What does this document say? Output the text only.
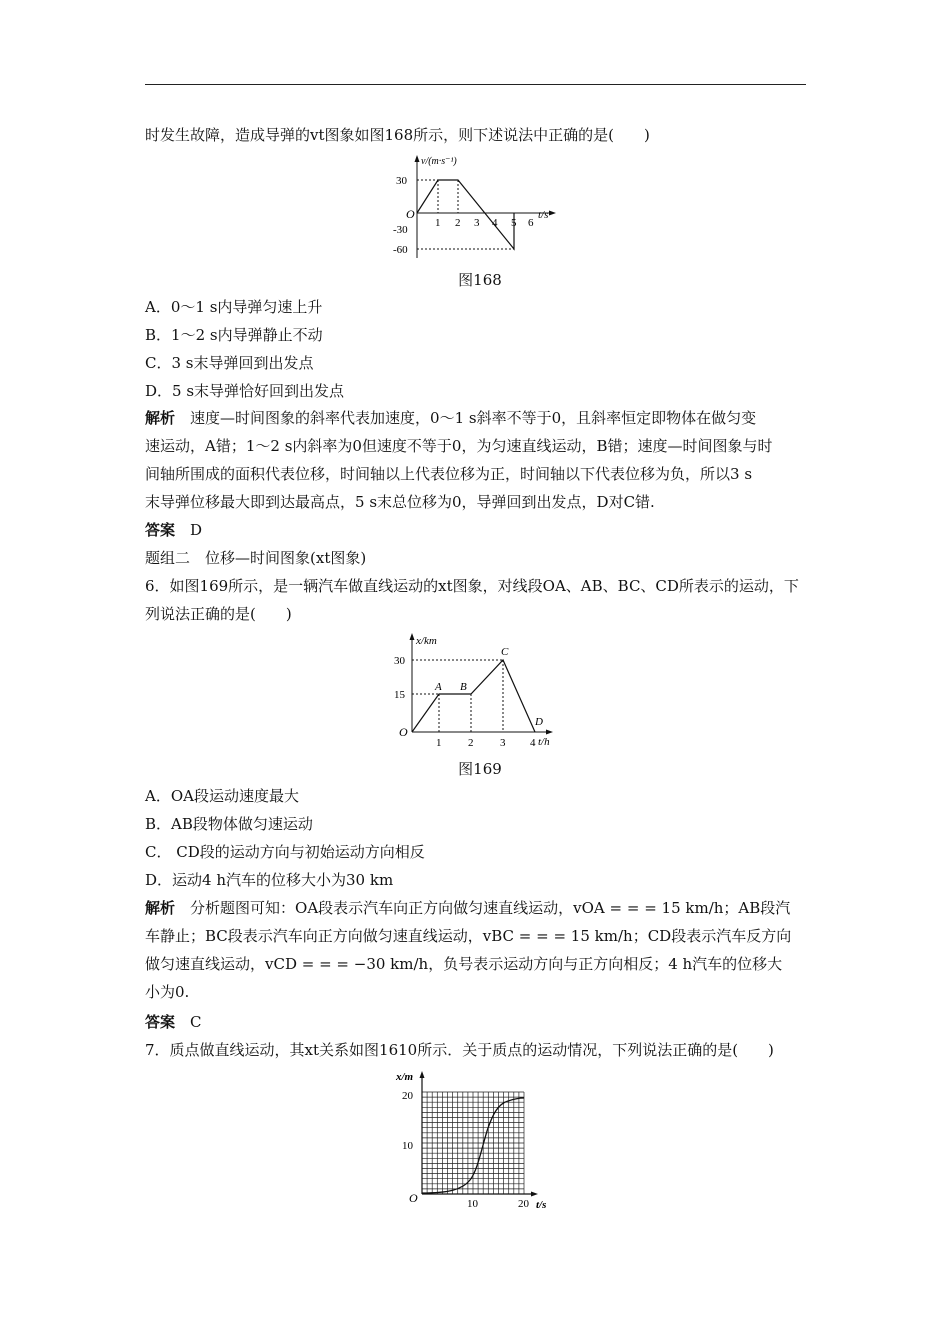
时发生故障，造成导弹的vt图象如图168所示，则下述说法中正确的是(　　)
v/(m·s⁻¹)
t/s
O
30
-30
-60
1 2 3 4 5 6
图168
A．0～1 s内导弹匀速上升
B．1～2 s内导弹静止不动
C．3 s末导弹回到出发点
D．5 s末导弹恰好回到出发点
解析　 速度—时间图象的斜率代表加速度，0～1 s斜率不等于0，且斜率恒定即物体在做匀变
速运动，A错；1～2 s内斜率为0但速度不等于0，为匀速直线运动，B错；速度—时间图象与时
间轴所围成的面积代表位移，时间轴以上代表位移为正，时间轴以下代表位移为负，所以3 s
末导弹位移最大即到达最高点，5 s末总位移为0，导弹回到出发点，D对C错.
答案　 D
题组二　位移—时间图象(xt图象)
6．如图169所示，是一辆汽车做直线运动的xt图象，对线段OA、AB、BC、CD所表示的运动，下
列说法正确的是(　　)
x/km
t/h
O
30
15
1 2 3 4
A B
C
D
图169
A．OA段运动速度最大
B．AB段物体做匀速运动
C． CD段的运动方向与初始运动方向相反
D．运动4 h汽车的位移大小为30 km
解析　 分析题图可知：OA段表示汽车向正方向做匀速直线运动，vOA = = = 15 km/h；AB段汽
车静止；BC段表示汽车向正方向做匀速直线运动，vBC = = = 15 km/h；CD段表示汽车反方向
做匀速直线运动，vCD = = = −30 km/h，负号表示运动方向与正方向相反；4 h汽车的位移大
小为0.
答案　 C
7．质点做直线运动，其xt关系如图1610所示．关于质点的运动情况，下列说法正确的是(　　)
x/m
t/s
O
20
10
10	20
